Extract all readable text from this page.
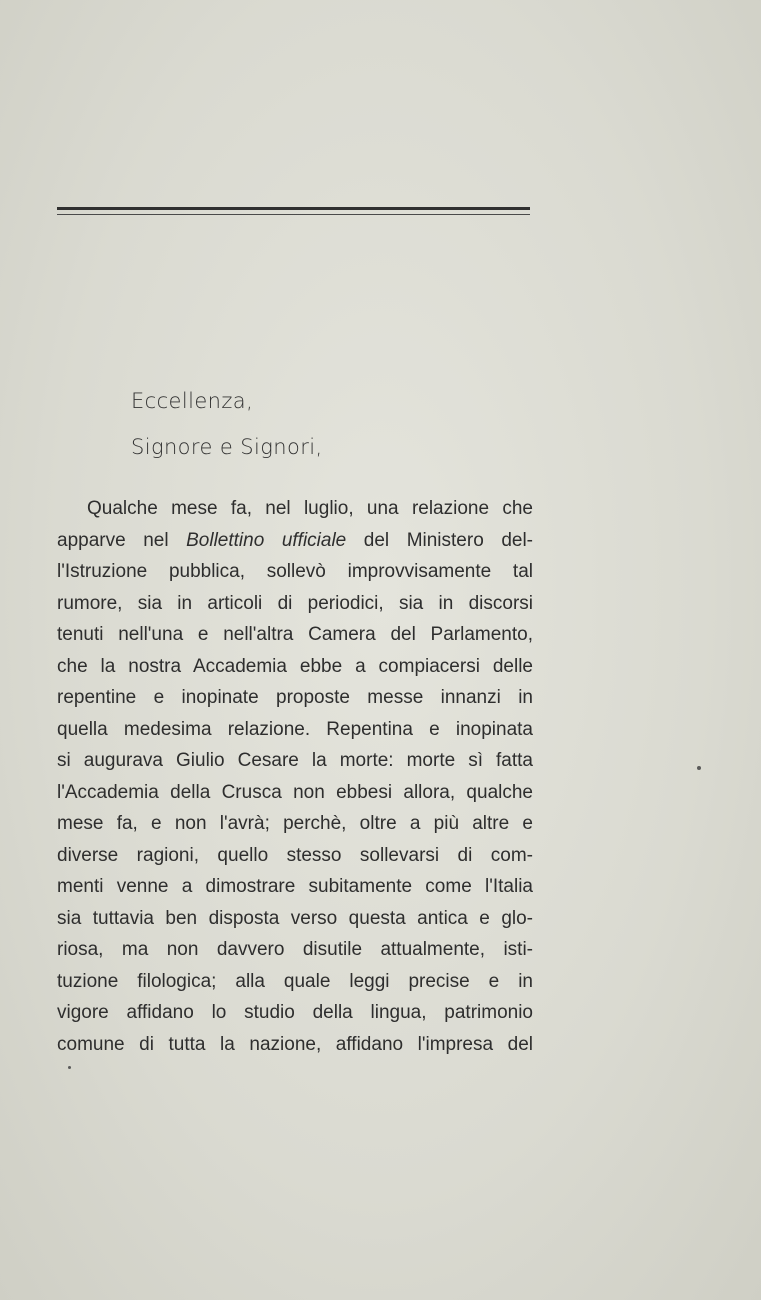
Eccellenza,
Signore e Signori,
Qualche mese fa, nel luglio, una relazione che
apparve nel Bollettino ufficiale del Ministero del-
l'Istruzione pubblica, sollevò improvvisamente tal
rumore, sia in articoli di periodici, sia in discorsi
tenuti nell'una e nell'altra Camera del Parlamento,
che la nostra Accademia ebbe a compiacersi delle
repentine e inopinate proposte messe innanzi in
quella medesima relazione. Repentina e inopinata
si augurava Giulio Cesare la morte: morte sì fatta
l'Accademia della Crusca non ebbesi allora, qualche
mese fa, e non l'avrà; perchè, oltre a più altre e
diverse ragioni, quello stesso sollevarsi di com-
menti venne a dimostrare subitamente come l'Italia
sia tuttavia ben disposta verso questa antica e glo-
riosa, ma non davvero disutile attualmente, isti-
tuzione filologica; alla quale leggi precise e in
vigore affidano lo studio della lingua, patrimonio
comune di tutta la nazione, affidano l'impresa del
